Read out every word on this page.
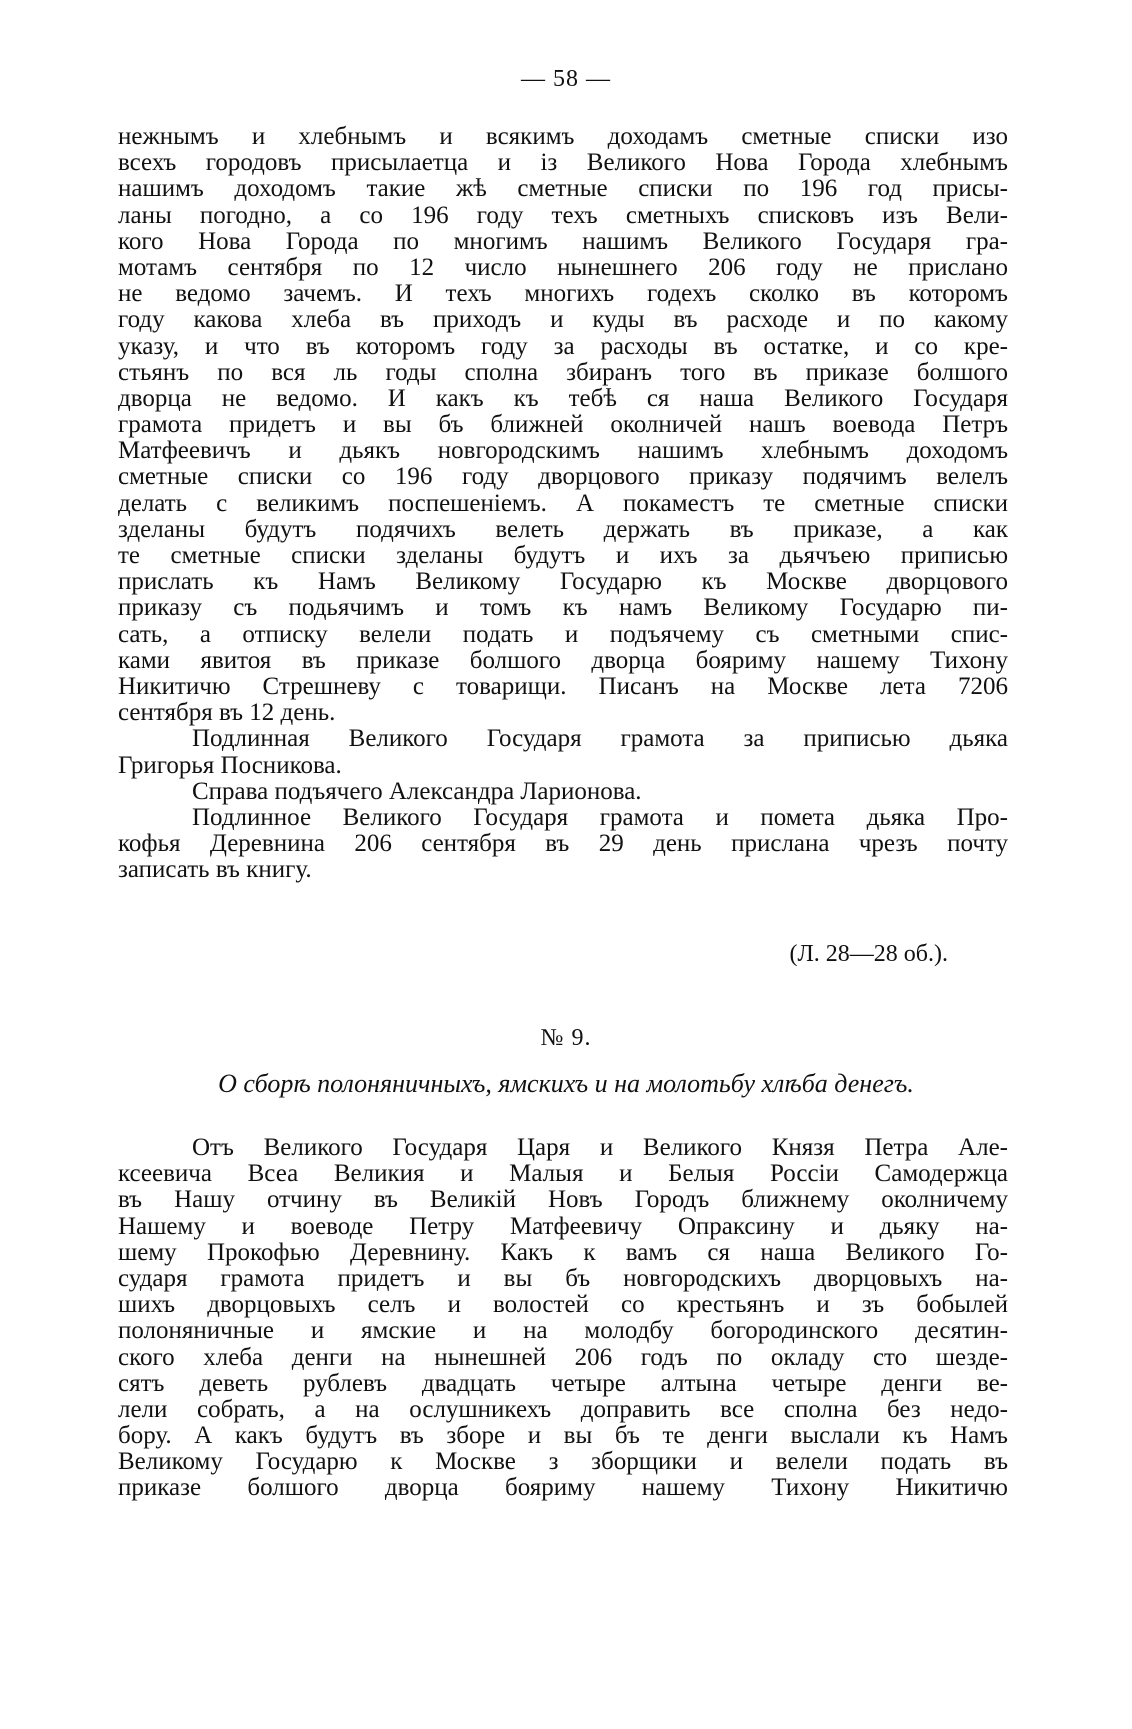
— 58 —
нежнымъ и хлебнымъ и всякимъ доходамъ сметные списки изо
всехъ городовъ присылаетца и із Великого Нова Города хлебнымъ
нашимъ доходомъ такие жѣ сметные списки по 196 год присы-
ланы погодно, а со 196 году техъ сметныхъ списковъ изъ Вели-
кого Нова Города по многимъ нашимъ Великого Государя гра-
мотамъ сентября по 12 число нынешнего 206 году не прислано
не ведомо зачемъ. И техъ многихъ годехъ сколко въ которомъ
году какова хлеба въ приходъ и куды въ расходе и по какому
указу, и что въ которомъ году за расходы въ остатке, и со кре-
стьянъ по вся ль годы сполна збиранъ того въ приказе болшого
дворца не ведомо. И какъ къ тебѣ ся наша Великого Государя
грамота придетъ и вы бъ ближней околничей нашъ воевода Петръ
Матфеевичъ и дьякъ новгородскимъ нашимъ хлебнымъ доходомъ
сметные списки со 196 году дворцового приказу подячимъ велелъ
делать с великимъ поспешеніемъ. А покаместъ те сметные списки
зделаны будутъ подячихъ велеть держать въ приказе, а как
те сметные списки зделаны будутъ и ихъ за дьячъею приписью
прислать къ Намъ Великому Государю къ Москве дворцового
приказу съ подьячимъ и томъ къ намъ Великому Государю пи-
сать, а отписку велели подать и подъячему съ сметными спис-
ками явитоя въ приказе болшого дворца бояриму нашему Тихону
Никитичю Стрешневу с товарищи. Писанъ на Москве лета 7206
сентября въ 12 день.
Подлинная Великого Государя грамота за приписью дьяка
Григорья Посникова.
Справа подъячего Александра Ларионова.
Подлинное Великого Государя грамота и помета дьяка Про-
кофья Деревнина 206 сентября въ 29 день прислана чрезъ почту
записать въ книгу.
(Л. 28—28 об.).
№ 9.
О сборѣ полоняничныхъ, ямскихъ и на молотьбу хлѣба денегъ.
Отъ Великого Государя Царя и Великого Князя Петра Але-
ксеевича Всеа Великия и Малыя и Белыя Россіи Самодержца
въ Нашу отчину въ Великій Новъ Городъ ближнему околничему
Нашему и воеводе Петру Матфеевичу Опраксину и дьяку на-
шему Прокофью Деревнину. Какъ к вамъ ся наша Великого Го-
сударя грамота придетъ и вы бъ новгородскихъ дворцовыхъ на-
шихъ дворцовыхъ селъ и волостей со крестьянъ и зъ бобылей
полоняничные и ямские и на молодбу богородинского десятин-
ского хлеба денги на нынешней 206 годъ по окладу сто шезде-
сятъ деветь рублевъ двадцать четыре алтына четыре денги ве-
лели собрать, а на ослушникехъ доправить все сполна без недо-
бору. А какъ будутъ въ зборе и вы бъ те денги выслали къ Намъ
Великому Государю к Москве з зборщики и велели подать въ
приказе болшого дворца бояриму нашему Тихону Никитичю
